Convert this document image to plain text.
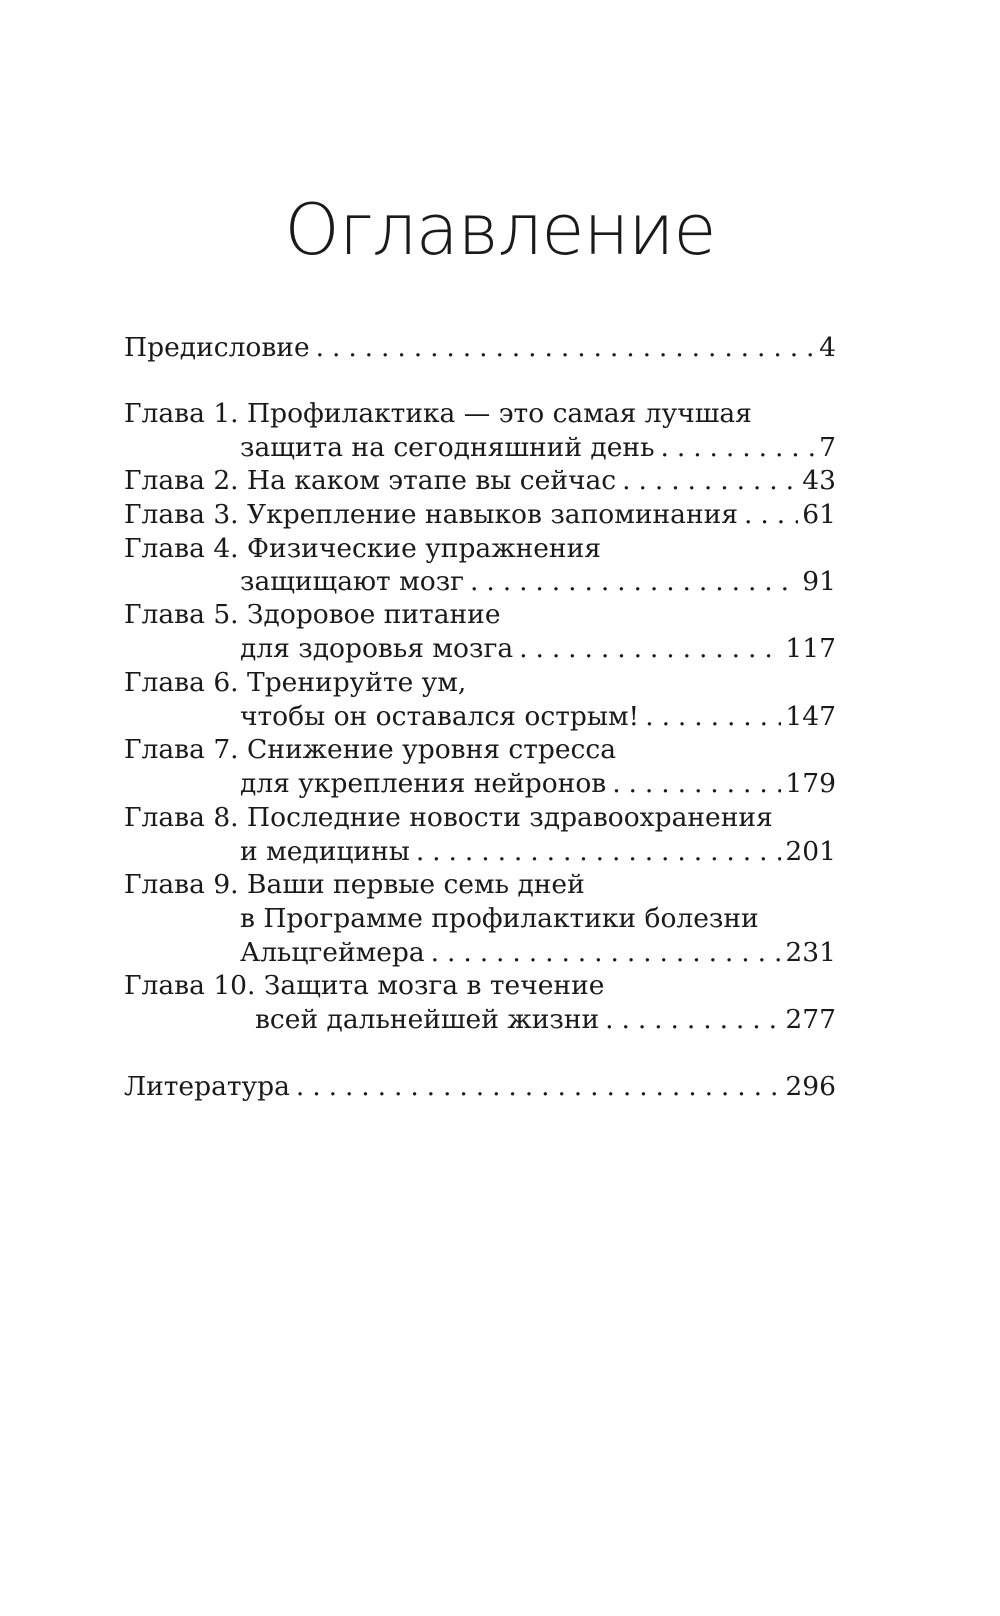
Оглавление
Предисловие . . .	4
Глава 1.
Профилактика — это самая лучшая
защита на сегодняшний день . . .	7
Глава 2.
На каком этапе вы сейчас . . .	43
Глава 3.
Укрепление навыков запоминания . . . 61
Глава 4.
Физические упражнения
защищают мозг . . .	91
Глава 5.
Здоровое питание
для здоровья мозга . . .	117
Глава 6.
Тренируйте ум,
чтобы он оставался острым! . . .	147
Глава 7.
Снижение уровня стресса
для укрепления нейронов . . .	179
Глава 8.
Последние новости здравоохранения
и медицины . . .	201
Глава 9.
Ваши первые семь дней
в Программе профилактики болезни
Альцгеймера . . .	231
Глава 10.
Защита мозга в течение
всей дальнейшей жизни . . .	277
Литература . . .	296
